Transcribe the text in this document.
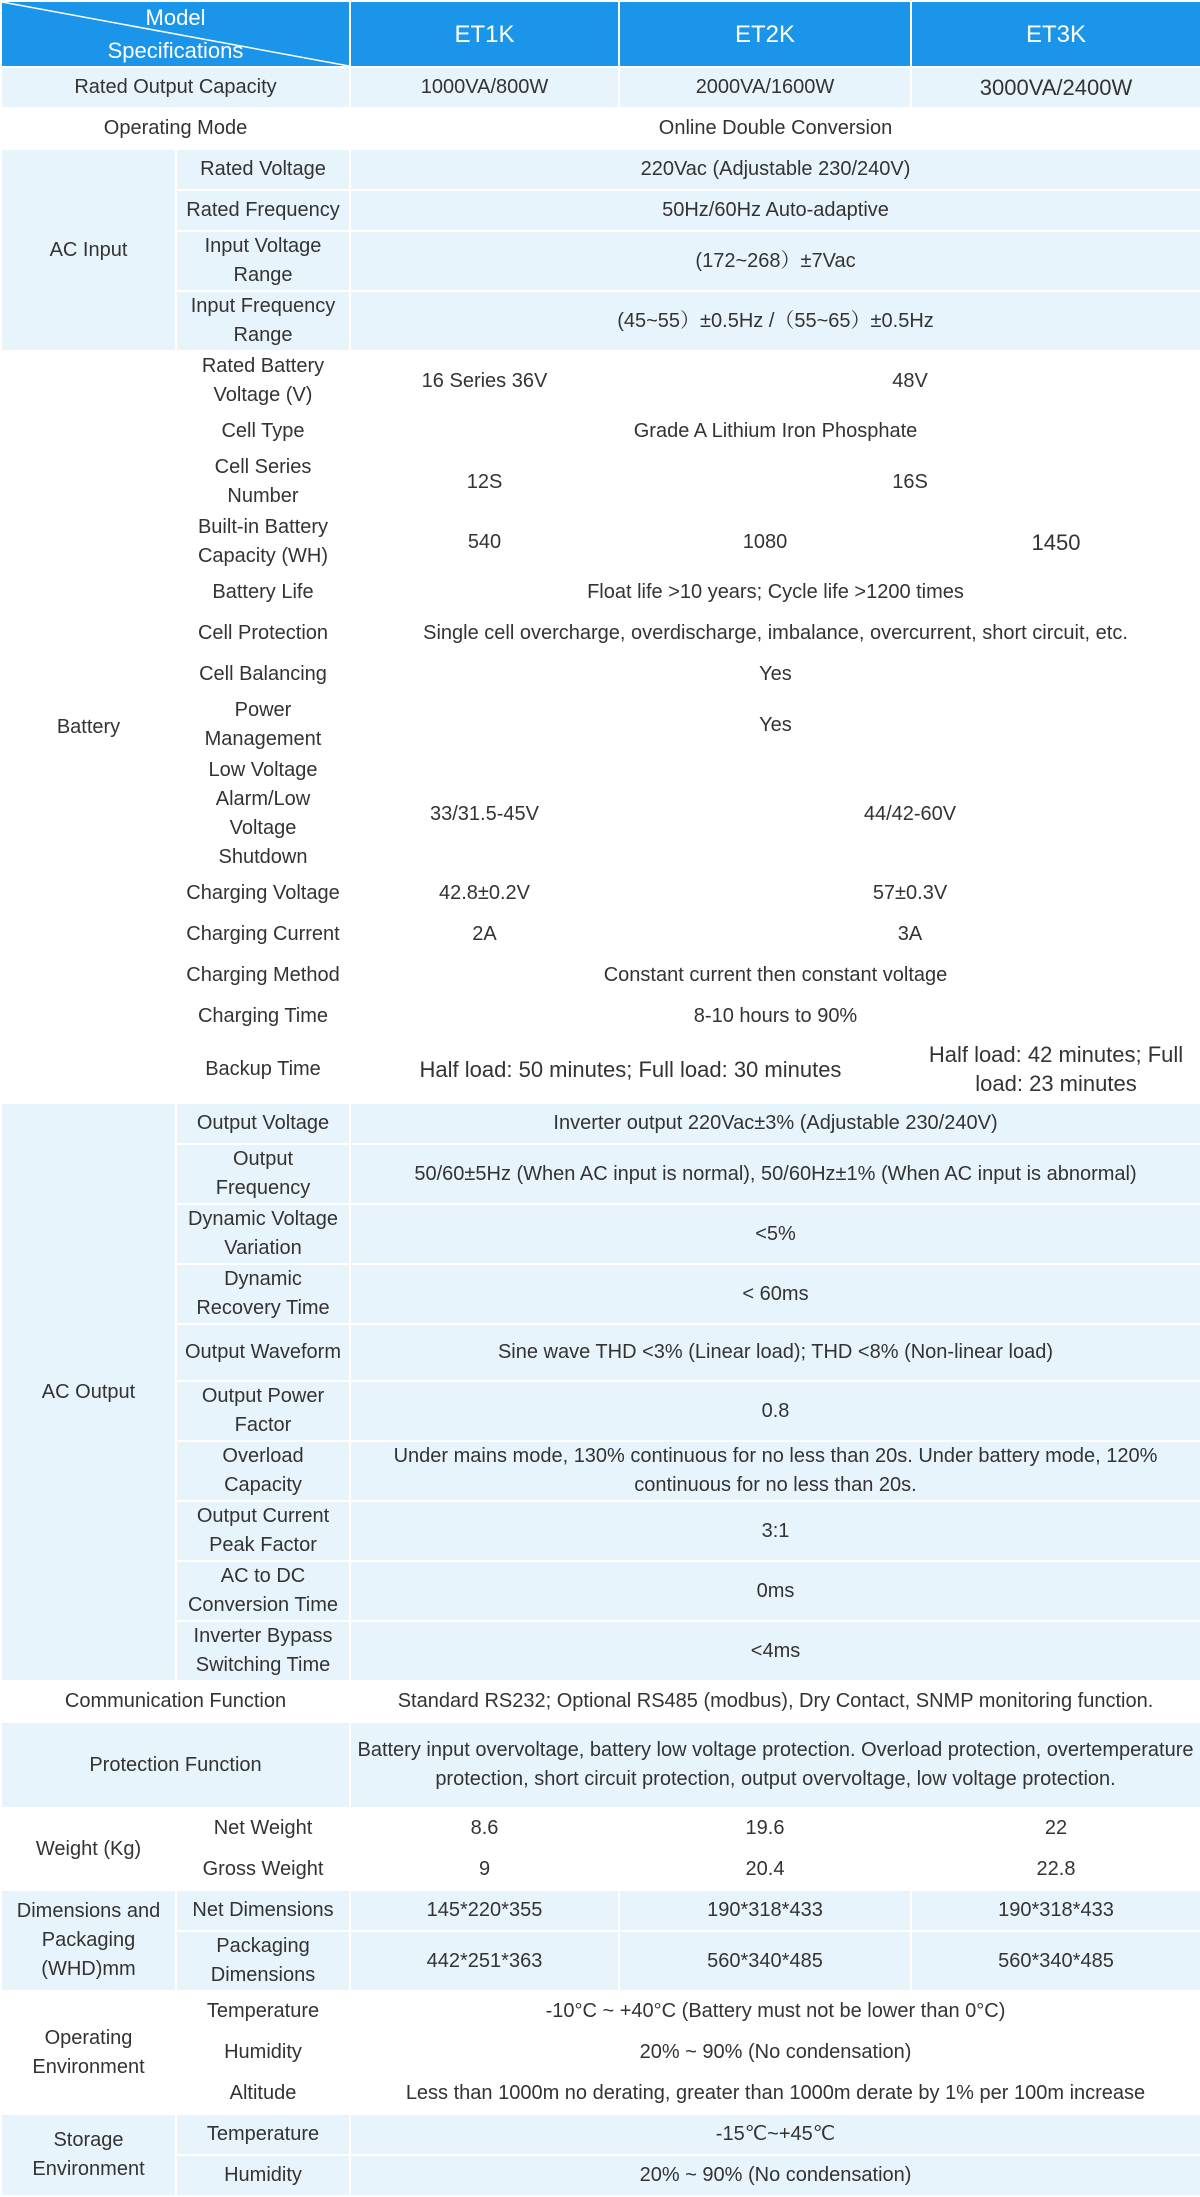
Model
Specifications		ET1K	ET2K	ET3K
Rated Output Capacity		1000VA/800W	2000VA/1600W	3000VA/2400W
Operating Mode		Online Double Conversion		
AC Input	Rated Voltage	220Vac (Adjustable 230/240V)		
	Rated Frequency	50Hz/60Hz Auto-adaptive		
	Input Voltage Range	(172~268）±7Vac		
	Input Frequency Range	(45~55）±0.5Hz /（55~65）±0.5Hz		
Battery	Rated Battery Voltage (V)	16 Series 36V	48V	
	Cell Type	Grade A Lithium Iron Phosphate		
	Cell Series Number	12S	16S	
	Built-in Battery Capacity (WH)	540	1080	1450
	Battery Life	Float life >10 years; Cycle life >1200 times		
	Cell Protection	Single cell overcharge, overdischarge, imbalance, overcurrent, short circuit, etc.		
	Cell Balancing	Yes		
	Power Management	Yes		
	Low Voltage Alarm/Low Voltage Shutdown	33/31.5-45V	44/42-60V	
	Charging Voltage	42.8±0.2V	57±0.3V	
	Charging Current	2A	3A	
	Charging Method	Constant current then constant voltage		
	Charging Time	8-10 hours to 90%		
	Backup Time	Half load: 50 minutes; Full load: 30 minutes		Half load: 42 minutes; Full load: 23 minutes

AC Output	Output Voltage	Inverter output 220Vac±3% (Adjustable 230/240V)		
	Output Frequency	50/60±5Hz (When AC input is normal), 50/60Hz±1% (When AC input is abnormal)		
	Dynamic Voltage Variation	<5%		
	Dynamic Recovery Time	< 60ms		
	Output Waveform	Sine wave THD <3% (Linear load); THD <8% (Non-linear load)		
	Output Power Factor	0.8		
	Overload Capacity	Under mains mode, 130% continuous for no less than 20s. Under battery mode, 120% continuous for no less than 20s.		
	Output Current Peak Factor	3:1		
	AC to DC Conversion Time	0ms		
	Inverter Bypass Switching Time	<4ms		
Communication Function		Standard RS232; Optional RS485 (modbus), Dry Contact, SNMP monitoring function.		
Protection Function		Battery input overvoltage, battery low voltage protection. Overload protection, overtemperature protection, short circuit protection, output overvoltage, low voltage protection.		
Weight (Kg)	Net Weight	8.6	19.6	22
	Gross Weight	9	20.4	22.8
Dimensions and Packaging (WHD)mm	Net Dimensions	145*220*355	190*318*433	190*318*433
	Packaging Dimensions	442*251*363	560*340*485	560*340*485
Operating Environment	Temperature	-10°C ~ +40°C (Battery must not be lower than 0°C)		
	Humidity	20% ~ 90% (No condensation)		
	Altitude	Less than 1000m no derating, greater than 1000m derate by 1% per 100m increase		
Storage Environment	Temperature	-15℃~+45℃		
	Humidity	20% ~ 90% (No condensation)		
